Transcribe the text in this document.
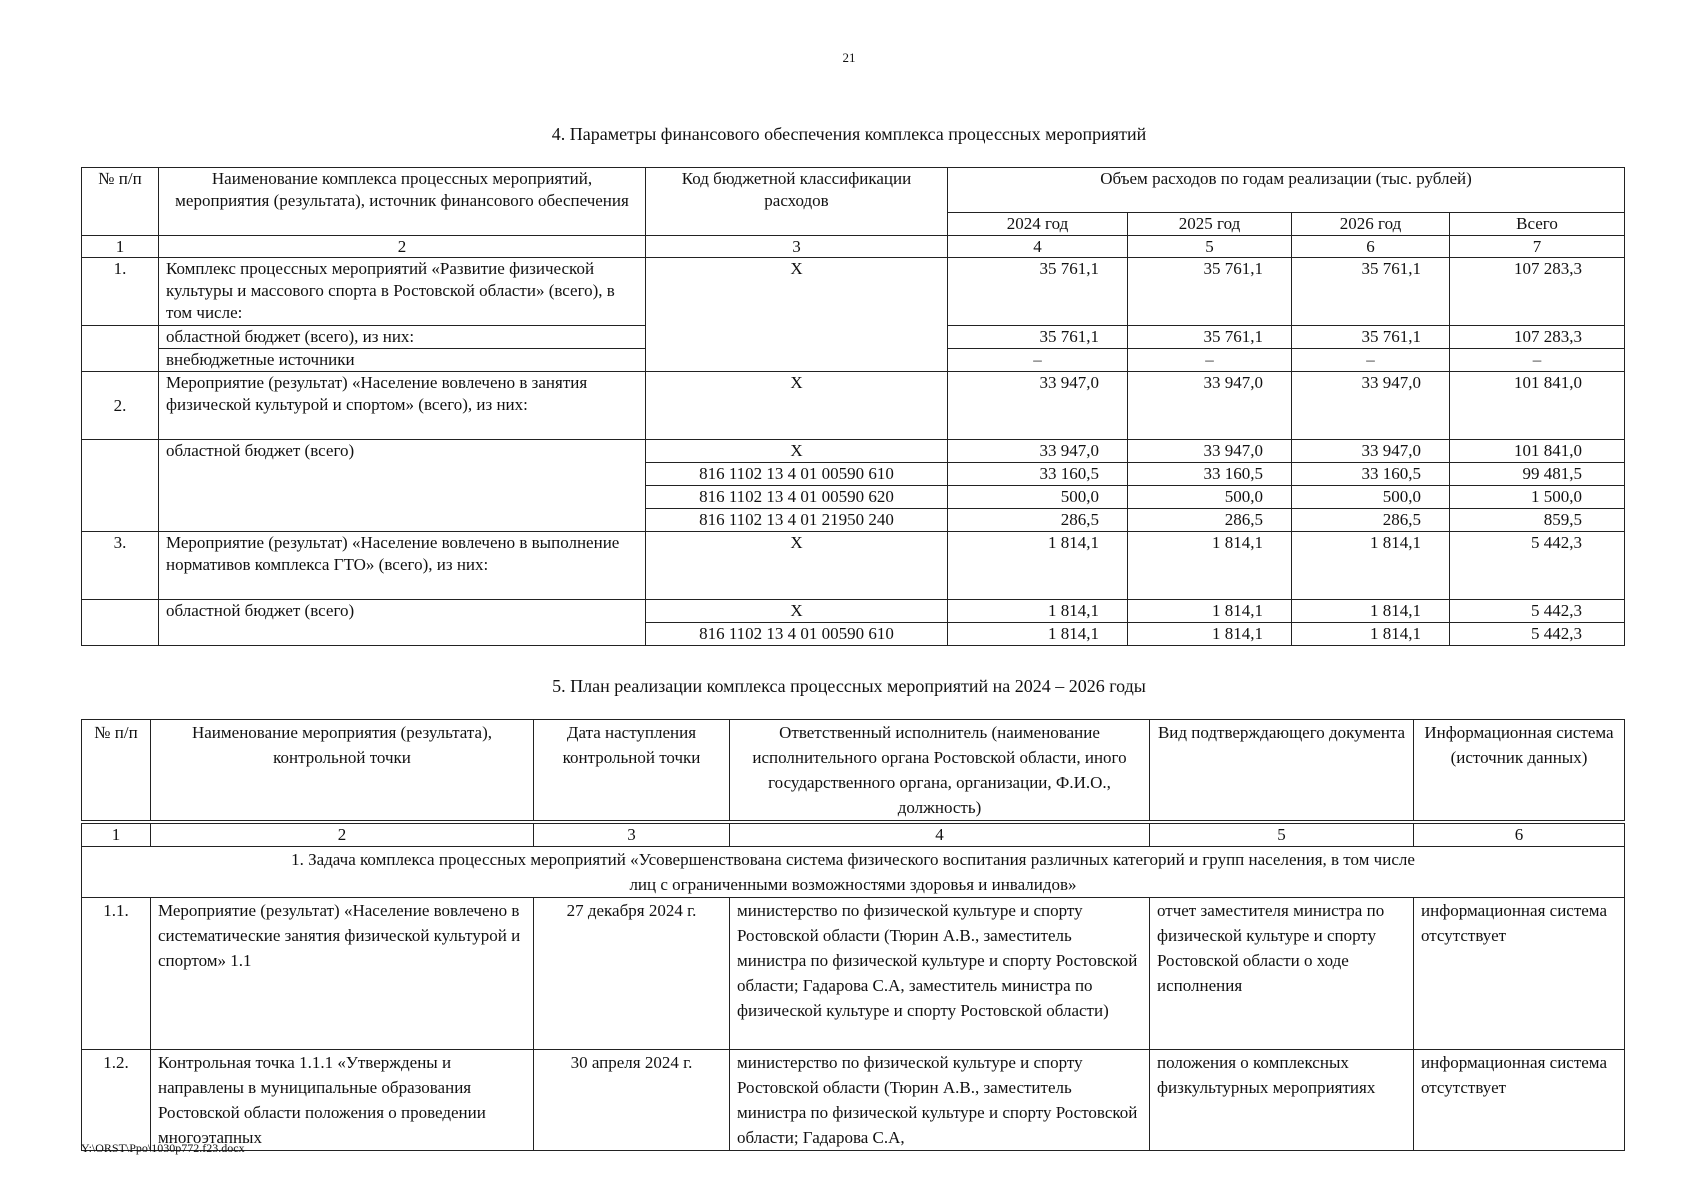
21
4. Параметры финансового обеспечения комплекса процессных мероприятий
№ п/п	Наименование комплекса процессных мероприятий, мероприятия (результата), источник финансового обеспечения	Код бюджетной классификации расходов	Объем расходов по годам реализации (тыс. рублей)			
			2024 год	2025 год	2026 год	Всего
1	2	3	4	5	6	7
1.	Комплекс процессных мероприятий «Развитие физической культуры и массового спорта в Ростовской области» (всего), в том числе:	Х	35 761,1	35 761,1	35 761,1	107 283,3
	областной бюджет (всего), из них:		35 761,1	35 761,1	35 761,1	107 283,3
	внебюджетные источники		–	–	–	–
2.	Мероприятие (результат) «Население вовлечено в занятия физической культурой и спортом» (всего), из них:	Х	33 947,0	33 947,0	33 947,0	101 841,0
	областной бюджет (всего)	Х	33 947,0	33 947,0	33 947,0	101 841,0
		816 1102 13 4 01 00590 610	33 160,5	33 160,5	33 160,5	99 481,5
		816 1102 13 4 01 00590 620	500,0	500,0	500,0	1 500,0
		816 1102 13 4 01 21950 240	286,5	286,5	286,5	859,5
3.	Мероприятие (результат) «Население вовлечено в выполнение нормативов комплекса ГТО» (всего), из них:	Х	1 814,1	1 814,1	1 814,1	5 442,3
	областной бюджет (всего)	Х	1 814,1	1 814,1	1 814,1	5 442,3
		816 1102 13 4 01 00590 610	1 814,1	1 814,1	1 814,1	5 442,3
5. План реализации комплекса процессных мероприятий на 2024 – 2026 годы
№ п/п	Наименование мероприятия (результата), контрольной точки	Дата наступления контрольной точки	Ответственный исполнитель (наименование исполнительного органа Ростовской области, иного государственного органа, организации, Ф.И.О., должность)	Вид подтверждающего документа	Информационная система (источник данных)
1	2	3	4	5	6
1. Задача комплекса процессных мероприятий «Усовершенствована система физического воспитания различных категорий и групп населения, в том числе лиц с ограниченными возможностями здоровья и инвалидов»					
1.1.	Мероприятие (результат) «Население вовлечено в систематические занятия физической культурой и спортом» 1.1	27 декабря 2024 г.	министерство по физической культуре и спорту Ростовской области (Тюрин А.В., заместитель министра по физической культуре и спорту Ростовской области; Гадарова С.А, заместитель министра по физической культуре и спорту Ростовской области)	отчет заместителя министра по физической культуре и спорту Ростовской области о ходе исполнения	информационная система отсутствует
1.2.	Контрольная точка 1.1.1 «Утверждены и направлены в муниципальные образования Ростовской области положения о проведении многоэтапных	30 апреля 2024 г.	министерство по физической культуре и спорту Ростовской области (Тюрин А.В., заместитель министра по физической культуре и спорту Ростовской области; Гадарова С.А,	положения о комплексных физкультурных мероприятиях	информационная система отсутствует
Y:\ORST\Ppo\1030p772.f23.docx
